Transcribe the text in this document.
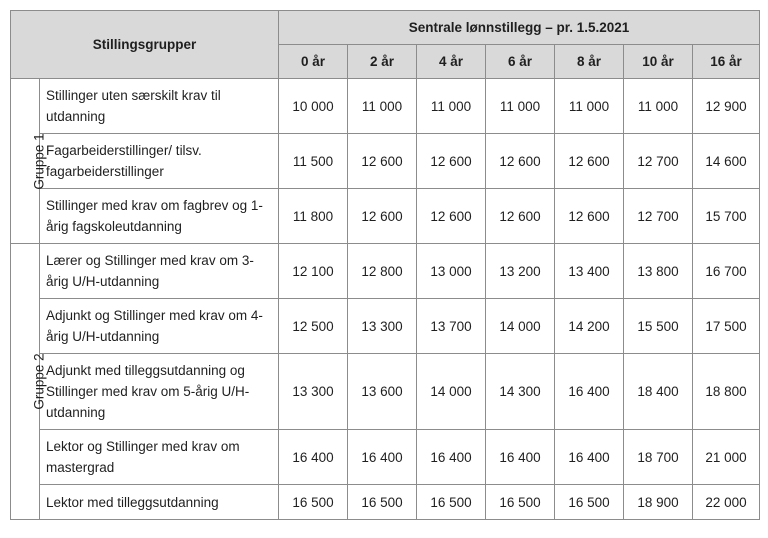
Stillingsgrupper		Sentrale lønnstillegg – pr. 1.5.2021						
		0 år	2 år	4 år	6 år	8 år	10 år	16 år
Gruppe 1	Stillinger uten særskilt krav til utdanning	10 000	11 000	11 000	11 000	11 000	11 000	12 900
	Fagarbeiderstillinger/ tilsv. fagarbeiderstillinger	11 500	12 600	12 600	12 600	12 600	12 700	14 600
	Stillinger med krav om fagbrev og 1-årig fagskoleutdanning	11 800	12 600	12 600	12 600	12 600	12 700	15 700
Gruppe 2	Lærer og Stillinger med krav om 3-årig U/H-utdanning	12 100	12 800	13 000	13 200	13 400	13 800	16 700
	Adjunkt og Stillinger med krav om 4-årig U/H-utdanning	12 500	13 300	13 700	14 000	14 200	15 500	17 500
	Adjunkt med tilleggsutdanning og Stillinger med krav om 5-årig U/H-utdanning	13 300	13 600	14 000	14 300	16 400	18 400	18 800
	Lektor og Stillinger med krav om mastergrad	16 400	16 400	16 400	16 400	16 400	18 700	21 000
	Lektor med tilleggsutdanning	16 500	16 500	16 500	16 500	16 500	18 900	22 000
